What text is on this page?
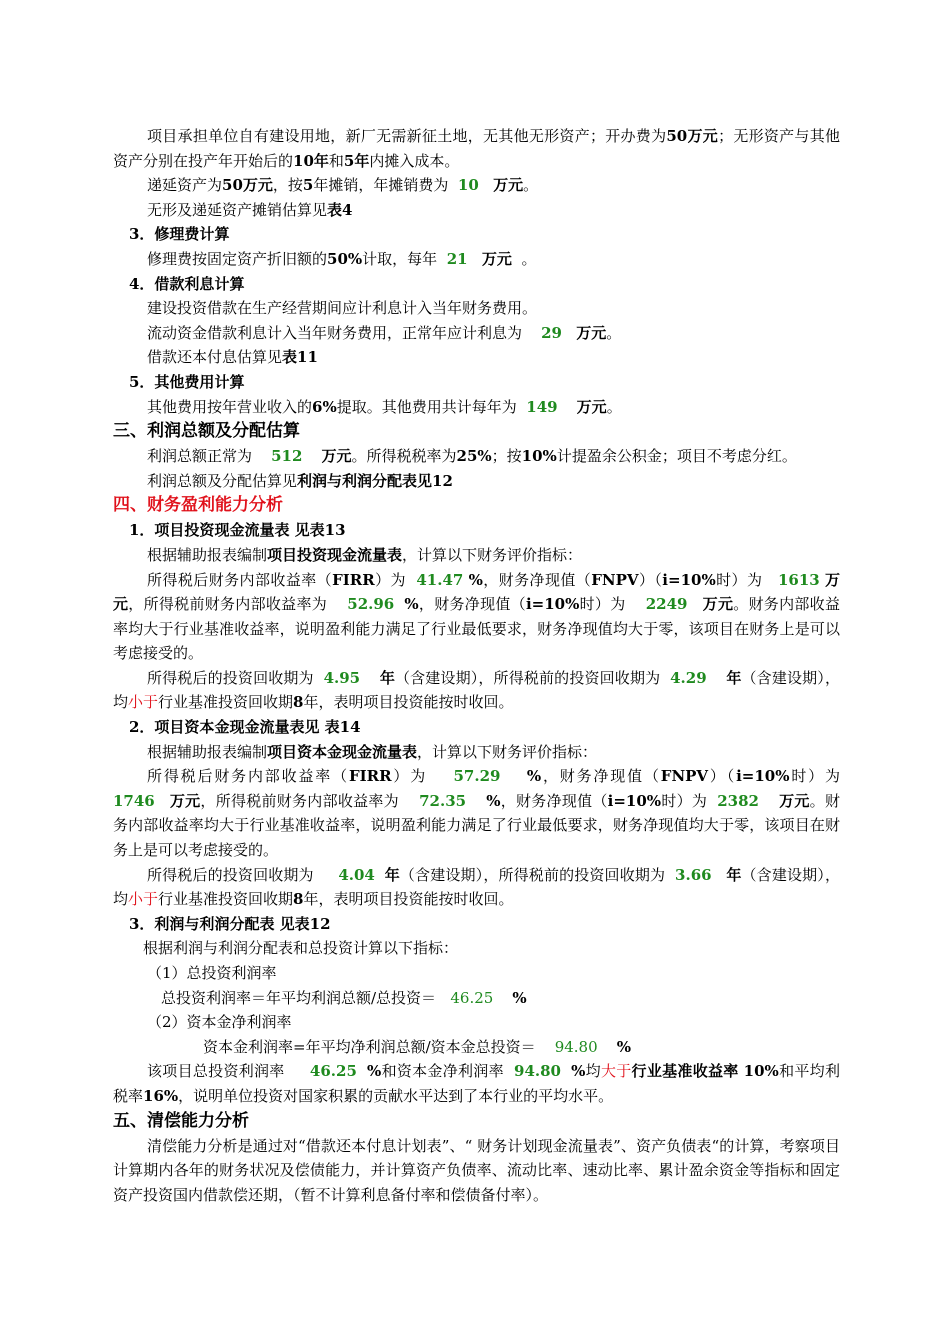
项目承担单位自有建设用地，新厂无需新征土地，无其他无形资产；开办费为50万元；无形资产与其他资产分别在投产年开始后的10年和5年内摊入成本。

递延资产为50万元，按5年摊销，年摊销费为 10 万元。

无形及递延资产摊销估算见表4

3．修理费计算

修理费按固定资产折旧额的50%计取，每年 21 万元 。

4．借款利息计算

建设投资借款在生产经营期间应计利息计入当年财务费用。

流动资金借款利息计入当年财务费用，正常年应计利息为 29 万元。

借款还本付息估算见表11

5．其他费用计算

其他费用按年营业收入的6%提取。其他费用共计每年为 149 万元。

三、利润总额及分配估算

利润总额正常为 512 万元。所得税税率为25%；按10%计提盈余公积金；项目不考虑分红。

利润总额及分配估算见利润与利润分配表见12

四、财务盈利能力分析

1．项目投资现金流量表 见表13

根据辅助报表编制项目投资现金流量表，计算以下财务评价指标：

所得税后财务内部收益率（FIRR）为 41.47 %，财务净现值（FNPV）（i=10%时）为 1613 万元，所得税前财务内部收益率为 52.96 %，财务净现值（i=10%时）为 2249 万元。财务内部收益率均大于行业基准收益率，说明盈利能力满足了行业最低要求，财务净现值均大于零，该项目在财务上是可以考虑接受的。

所得税后的投资回收期为 4.95 年（含建设期），所得税前的投资回收期为 4.29 年（含建设期），均小于行业基准投资回收期8年，表明项目投资能按时收回。

2．项目资本金现金流量表见 表14

根据辅助报表编制项目资本金现金流量表，计算以下财务评价指标：

所得税后财务内部收益率（FIRR）为 57.29 %，财务净现值（FNPV）（i=10%时）为 1746 万元，所得税前财务内部收益率为 72.35 %，财务净现值（i=10%时）为 2382 万元。财务内部收益率均大于行业基准收益率，说明盈利能力满足了行业最低要求，财务净现值均大于零，该项目在财务上是可以考虑接受的。

所得税后的投资回收期为 4.04 年（含建设期），所得税前的投资回收期为 3.66 年（含建设期），均小于行业基准投资回收期8年，表明项目投资能按时收回。

3．利润与利润分配表 见表12

根据利润与利润分配表和总投资计算以下指标：

（1）总投资利润率

总投资利润率＝年平均利润总额/总投资＝ 46.25 %

（2）资本金净利润率

资本金利润率=年平均净利润总额/资本金总投资＝ 94.80 %

该项目总投资利润率 46.25 %和资本金净利润率 94.80 %均大于行业基准收益率 10%和平均利税率16%，说明单位投资对国家积累的贡献水平达到了本行业的平均水平。

五、清偿能力分析

清偿能力分析是通过对“借款还本付息计划表”、“ 财务计划现金流量表”、资产负债表“的计算，考察项目计算期内各年的财务状况及偿债能力，并计算资产负债率、流动比率、速动比率、累计盈余资金等指标和固定资产投资国内借款偿还期，（暂不计算利息备付率和偿债备付率）。
